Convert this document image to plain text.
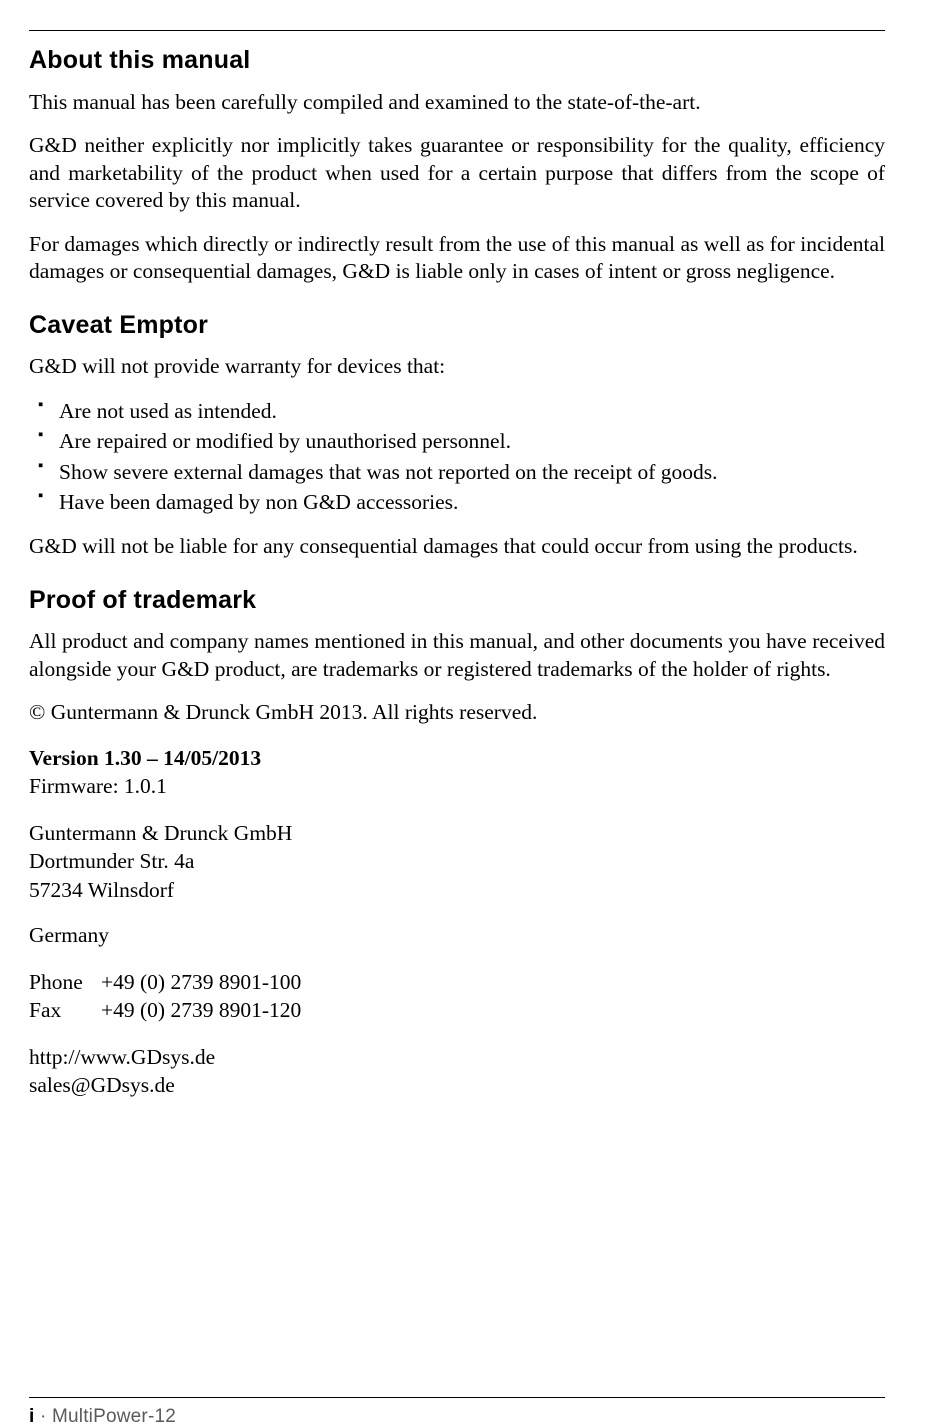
About this manual

This manual has been carefully compiled and examined to the state-of-the-art.

G&D neither explicitly nor implicitly takes guarantee or responsibility for the quality, efficiency and marketability of the product when used for a certain purpose that differs from the scope of service covered by this manual.

For damages which directly or indirectly result from the use of this manual as well as for incidental damages or consequential damages, G&D is liable only in cases of intent or gross negligence.

Caveat Emptor

G&D will not provide warranty for devices that:

▪ Are not used as intended.
▪ Are repaired or modified by unauthorised personnel.
▪ Show severe external damages that was not reported on the receipt of goods.
▪ Have been damaged by non G&D accessories.

G&D will not be liable for any consequential damages that could occur from using the products.

Proof of trademark

All product and company names mentioned in this manual, and other documents you have received alongside your G&D product, are trademarks or registered trademarks of the holder of rights.

© Guntermann & Drunck GmbH 2013. All rights reserved.

Version 1.30 – 14/05/2013

Firmware: 1.0.1

Guntermann & Drunck GmbH

Dortmunder Str. 4a

57234 Wilnsdorf

Germany

Phone +49 (0) 2739 8901-100
Fax	+49 (0) 2739 8901-120

http://www.GDsys.de

sales@GDsys.de

i · MultiPower-12
